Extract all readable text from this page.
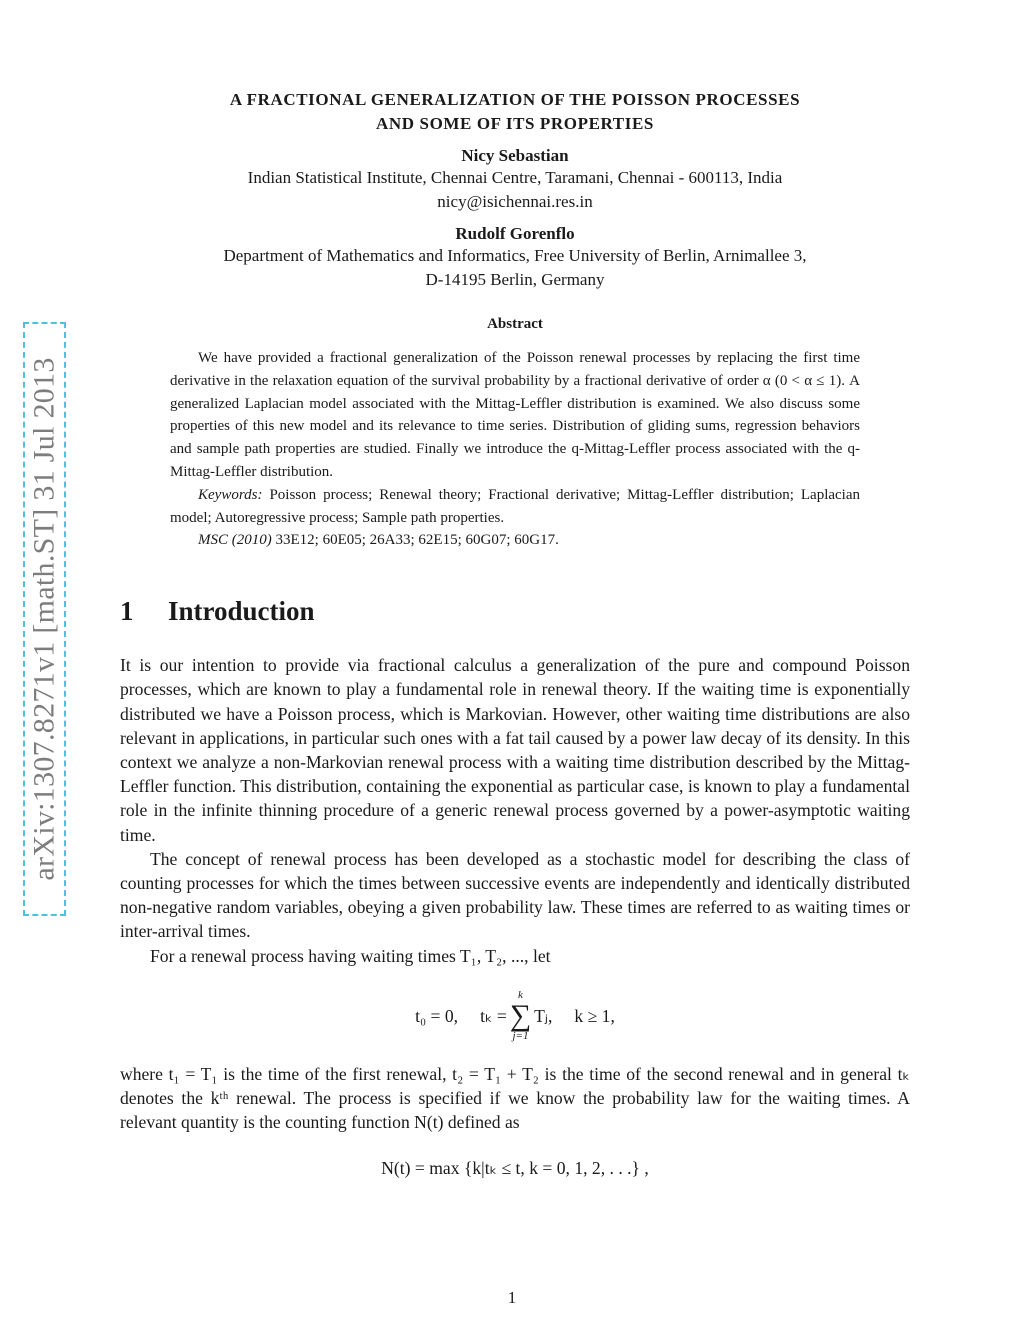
arXiv:1307.8271v1 [math.ST] 31 Jul 2013
A FRACTIONAL GENERALIZATION OF THE POISSON PROCESSES
AND SOME OF ITS PROPERTIES
Nicy Sebastian
Indian Statistical Institute, Chennai Centre, Taramani, Chennai - 600113, India
nicy@isichennai.res.in
Rudolf Gorenflo
Department of Mathematics and Informatics, Free University of Berlin, Arnimallee 3,
D-14195 Berlin, Germany
Abstract

We have provided a fractional generalization of the Poisson renewal processes by replacing the first time derivative in the relaxation equation of the survival probability by a fractional derivative of order α (0 < α ≤ 1). A generalized Laplacian model associated with the Mittag-Leffler distribution is examined. We also discuss some properties of this new model and its relevance to time series. Distribution of gliding sums, regression behaviors and sample path properties are studied. Finally we introduce the q-Mittag-Leffler process associated with the q-Mittag-Leffler distribution.

Keywords: Poisson process; Renewal theory; Fractional derivative; Mittag-Leffler distribution; Laplacian model; Autoregressive process; Sample path properties.

MSC (2010) 33E12; 60E05; 26A33; 62E15; 60G07; 60G17.

1 Introduction

It is our intention to provide via fractional calculus a generalization of the pure and compound Poisson processes, which are known to play a fundamental role in renewal theory. If the waiting time is exponentially distributed we have a Poisson process, which is Markovian. However, other waiting time distributions are also relevant in applications, in particular such ones with a fat tail caused by a power law decay of its density. In this context we analyze a non-Markovian renewal process with a waiting time distribution described by the Mittag-Leffler function. This distribution, containing the exponential as particular case, is known to play a fundamental role in the infinite thinning procedure of a generic renewal process governed by a power-asymptotic waiting time.

The concept of renewal process has been developed as a stochastic model for describing the class of counting processes for which the times between successive events are independently and identically distributed non-negative random variables, obeying a given probability law. These times are referred to as waiting times or inter-arrival times.

For a renewal process having waiting times T₁, T₂, ..., let

t₀ = 0, tₖ =
k
∑
j=1
Tⱼ, k ≥ 1,

where t₁ = T₁ is the time of the first renewal, t₂ = T₁ + T₂ is the time of the second renewal and in general tₖ denotes the kᵗʰ renewal. The process is specified if we know the probability law for the waiting times. A relevant quantity is the counting function N(t) defined as

N(t) = max {k|tₖ ≤ t, k = 0, 1, 2, . . .} ,
1
